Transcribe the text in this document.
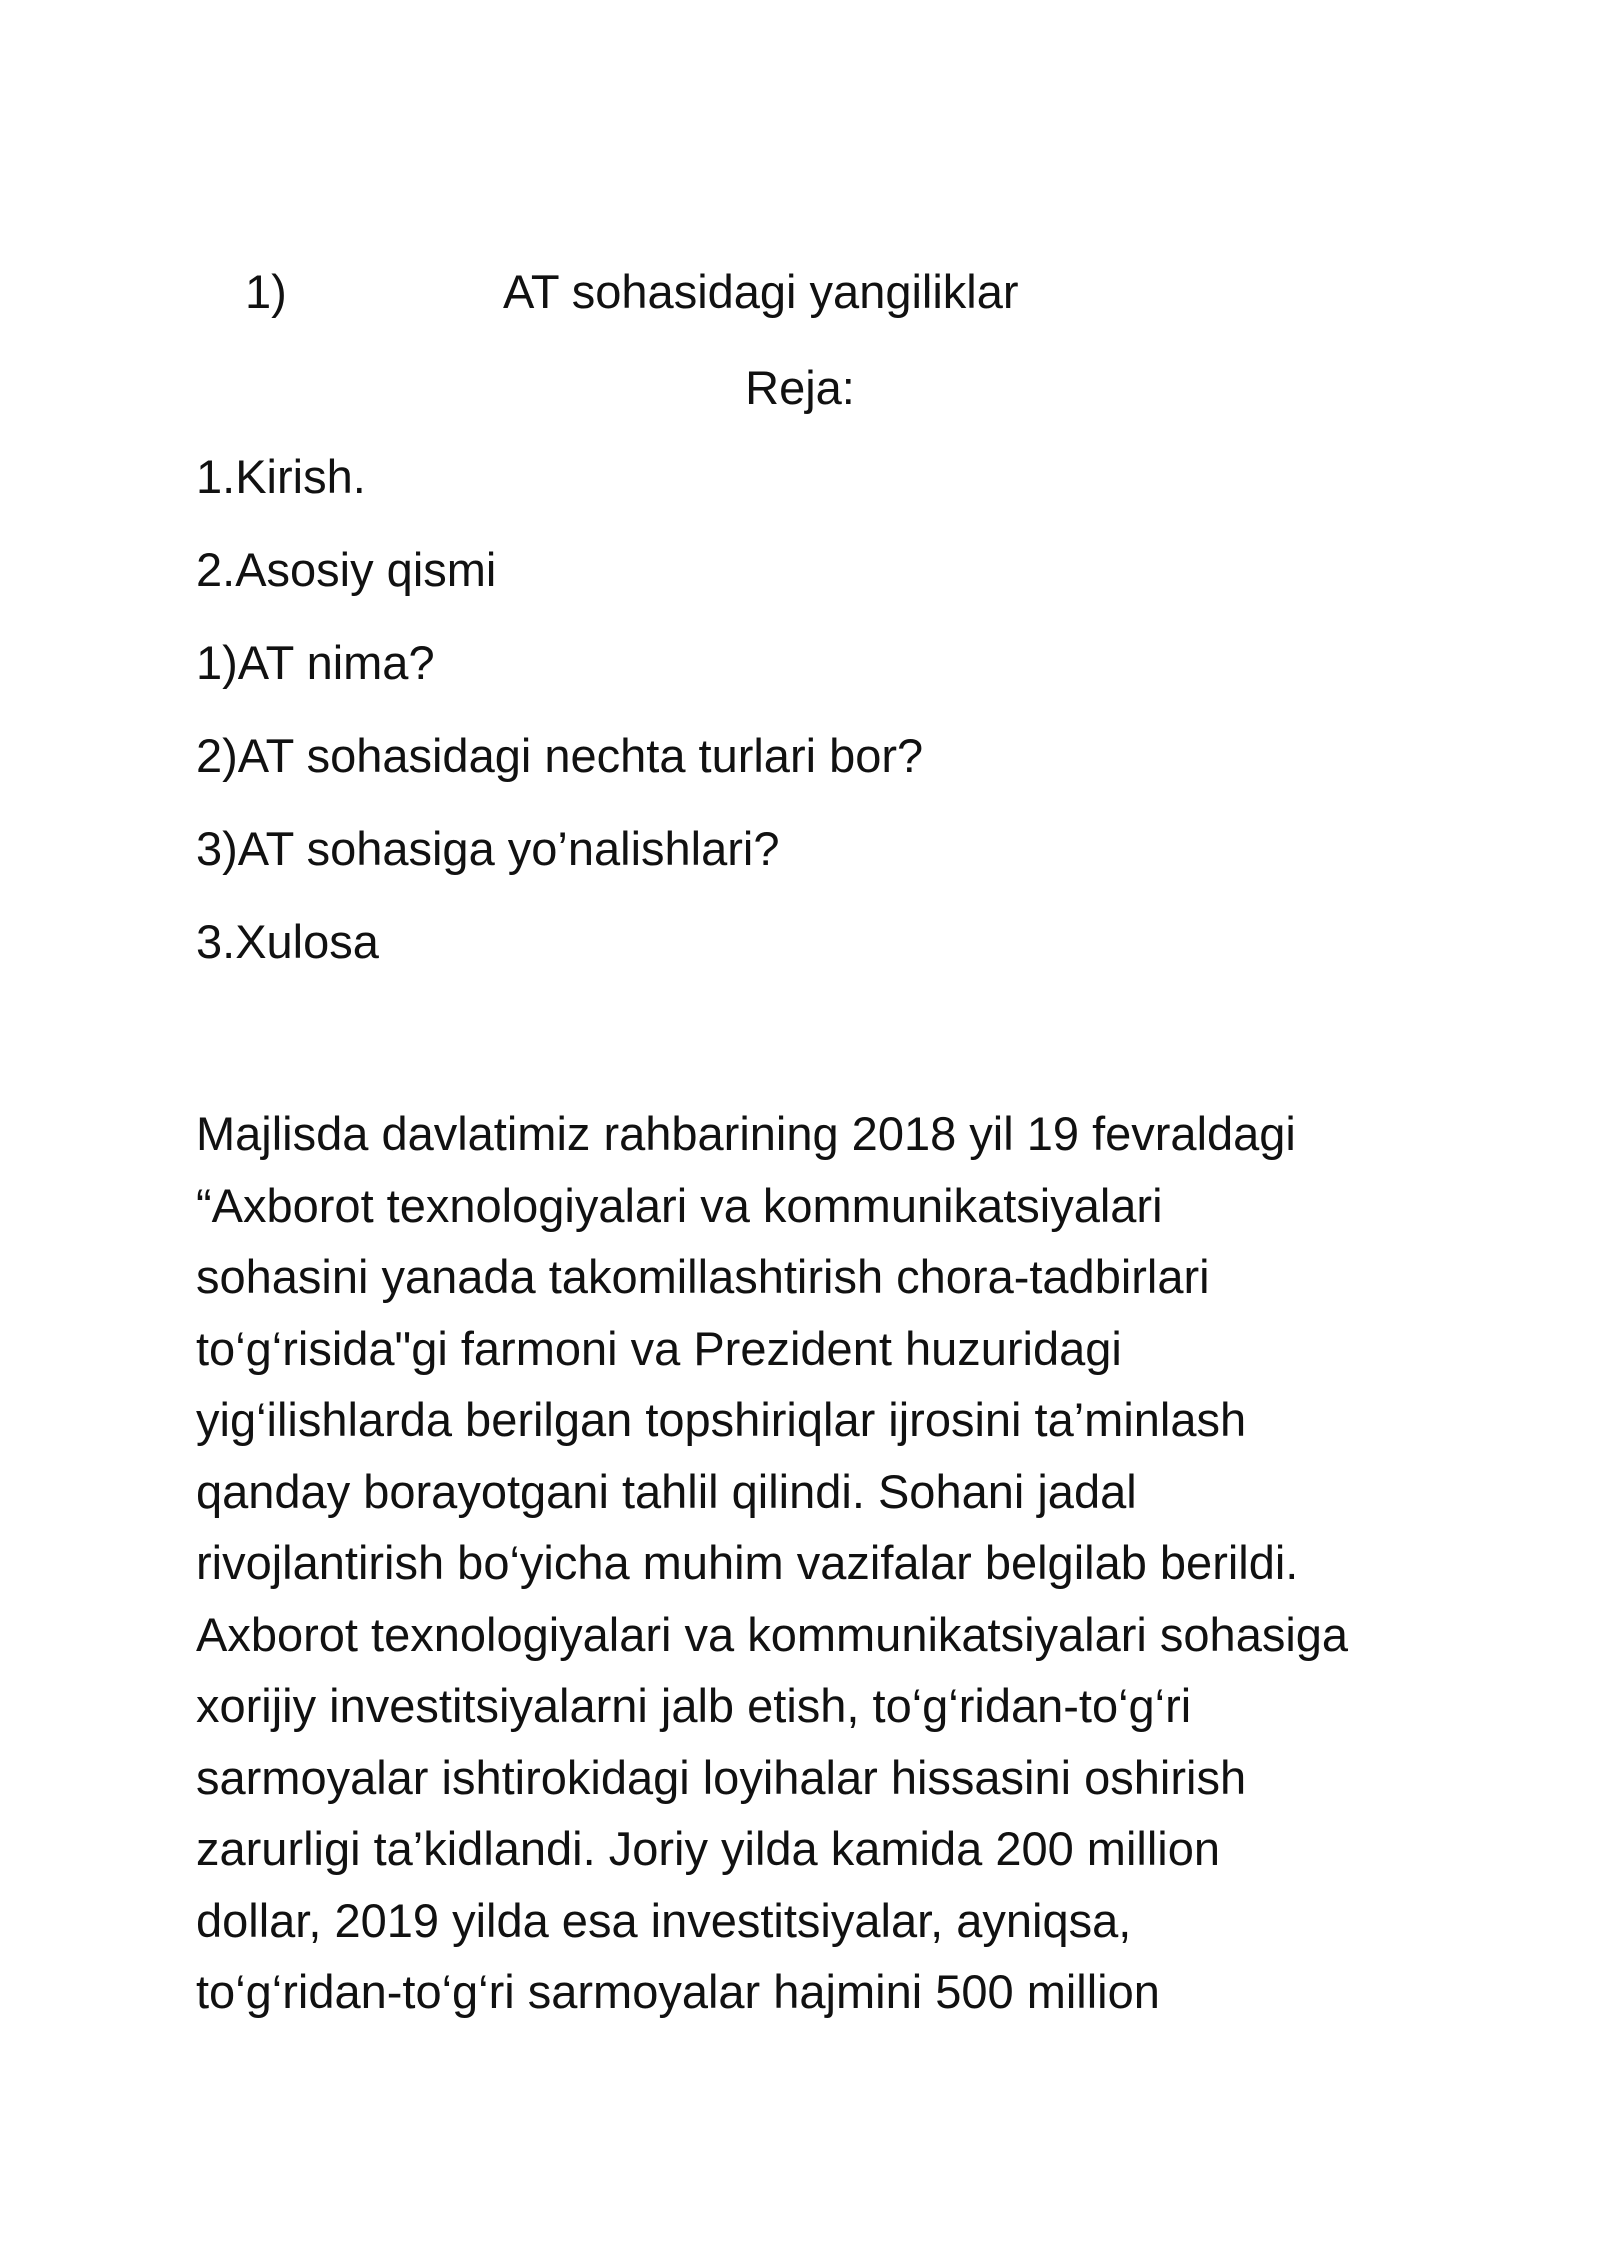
1)	AT sohasidagi yangiliklar
Reja:
1.Kirish.
2.Asosiy qismi
1)AT nima?
2)AT sohasidagi nechta turlari bor?
3)AT sohasiga yo’nalishlari?
3.Xulosa

Majlisda davlatimiz rahbarining 2018 yil 19 fevraldagi
“Axborot texnologiyalari va kommunikatsiyalari
sohasini yanada takomillashtirish chora-tadbirlari
to‘g‘risida"gi farmoni va Prezident huzuridagi
yig‘ilishlarda berilgan topshiriqlar ijrosini ta’minlash
qanday borayotgani tahlil qilindi. Sohani jadal
rivojlantirish bo‘yicha muhim vazifalar belgilab berildi.
Axborot texnologiyalari va kommunikatsiyalari sohasiga
xorijiy investitsiyalarni jalb etish, to‘g‘ridan-to‘g‘ri
sarmoyalar ishtirokidagi loyihalar hissasini oshirish
zarurligi ta’kidlandi. Joriy yilda kamida 200 million
dollar, 2019 yilda esa investitsiyalar, ayniqsa,
to‘g‘ridan-to‘g‘ri sarmoyalar hajmini 500 million
